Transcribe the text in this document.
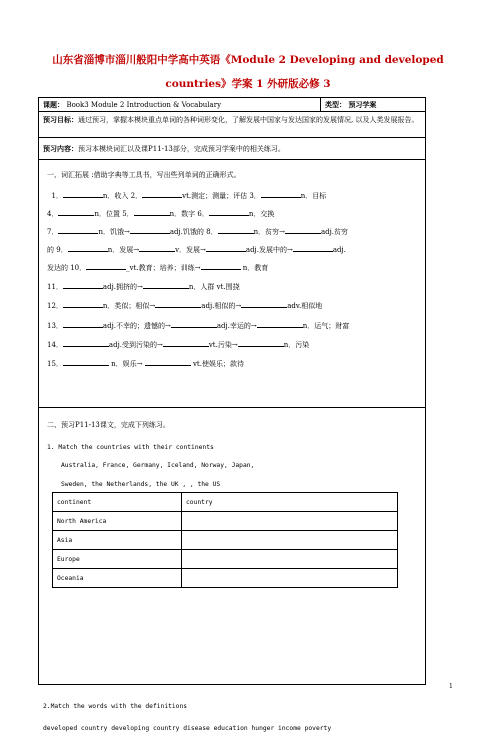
山东省淄博市淄川般阳中学高中英语《Module 2 Developing and developed
countries》学案 1 外研版必修 3
课题： Book3 Module 2 Introduction & Vocabulary	类型： 预习学案
预习目标：通过预习，掌握本模块重点单词的各种词形变化，了解发展中国家与发达国家的发展情况, 以及人类发展报告。
预习内容：预习本模块词汇以及课P11-13部分，完成预习学案中的相关练习。
一、词汇拓展 :借助字典等工具书，写出些列单词的正确形式。
1．	n．收入 2．	vt.测定；测量；评估 3．	n．目标
4．	n．位置 5．	n．数字 6．	n．交换
7．	n．饥饿→	adj.饥饿的 8．	n．贫穷→	adj.贫穷
的 9．	n．发展→	v．发展→	adj.发展中的→	adj.
发达的 10．	_vt.教育；培养；训练→	n．教育
11．	adj.拥挤的→	n．人群 vt.围挠
12．	n．类似；相似→	adj.相似的→	adv.相似地
13．	adj.不幸的；遗憾的→	adj.幸运的→	n．运气；财富
14．	adj.受到污染的→	vt.污染→	n．污染
15．	n．娱乐→	vt.使娱乐；款待
二、预习P11-13课文，完成下列练习。
1. Match the countries with their continents
Australia, France, Germany, Iceland, Norway, Japan,
Sweden, the Netherlands, the UK , , the US
continent	country
North America	
Asia	
Europe	
Oceania	
2.Match the words with the definitions
developed country developing country disease education hunger income poverty
1
